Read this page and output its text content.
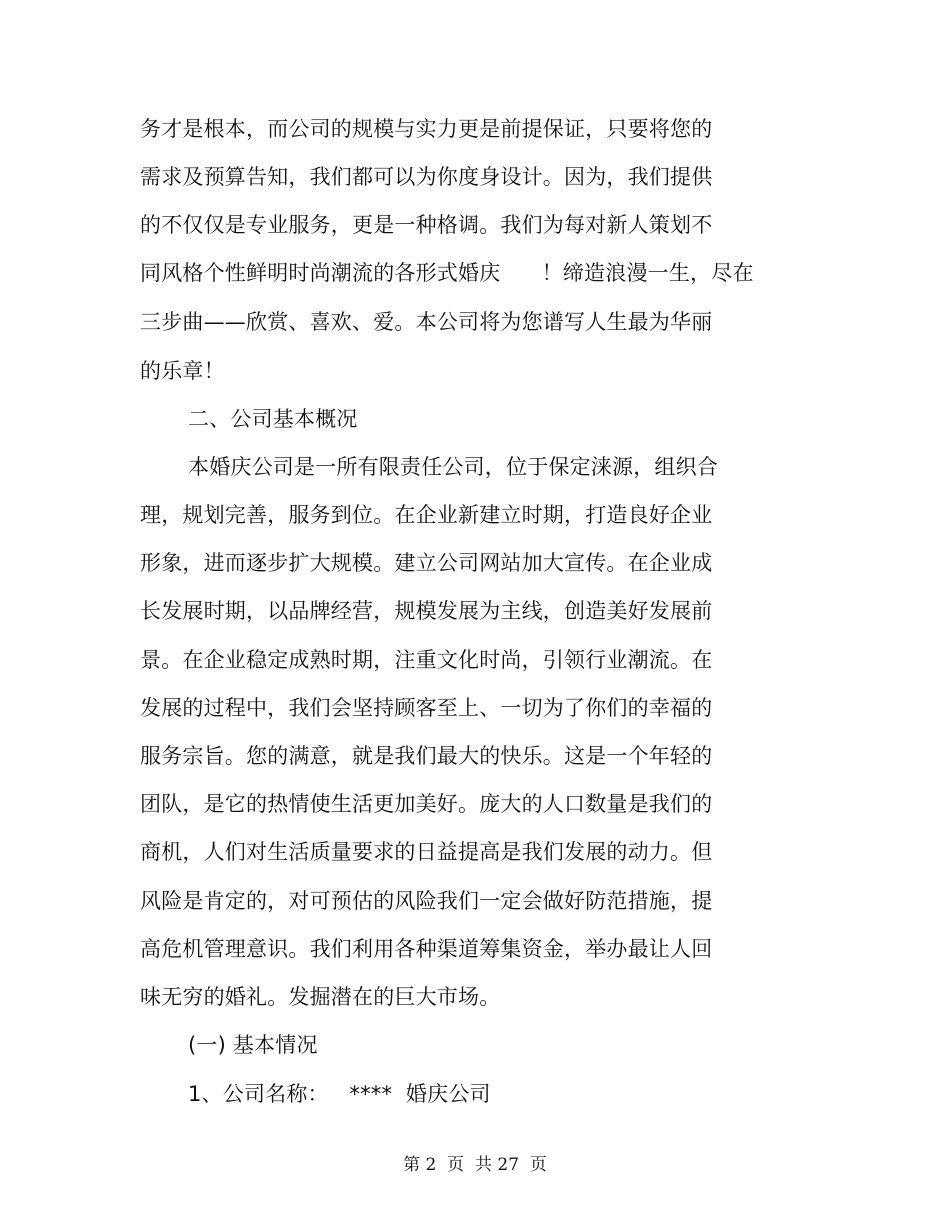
务才是根本，而公司的规模与实力更是前提保证，只要将您的
需求及预算告知，我们都可以为你度身设计。因为，我们提供
的不仅仅是专业服务，更是一种格调。我们为每对新人策划不
同风格个性鲜明时尚潮流的各形式婚庆      ！缔造浪漫一生，尽在
三步曲——欣赏、喜欢、爱。本公司将为您谱写人生最为华丽
的乐章！
二、公司基本概况
本婚庆公司是一所有限责任公司，位于保定涞源，组织合
理，规划完善，服务到位。在企业新建立时期，打造良好企业
形象，进而逐步扩大规模。建立公司网站加大宣传。在企业成
长发展时期，以品牌经营，规模发展为主线，创造美好发展前
景。在企业稳定成熟时期，注重文化时尚，引领行业潮流。在
发展的过程中，我们会坚持顾客至上、一切为了你们的幸福的
服务宗旨。您的满意，就是我们最大的快乐。这是一个年轻的
团队，是它的热情使生活更加美好。庞大的人口数量是我们的
商机，人们对生活质量要求的日益提高是我们发展的动力。但
风险是肯定的，对可预估的风险我们一定会做好防范措施，提
高危机管理意识。我们利用各种渠道筹集资金，举办最让人回
味无穷的婚礼。发掘潜在的巨大市场。
(一) 基本情况
1、公司名称：   ****  婚庆公司
第 2  页  共 27  页
